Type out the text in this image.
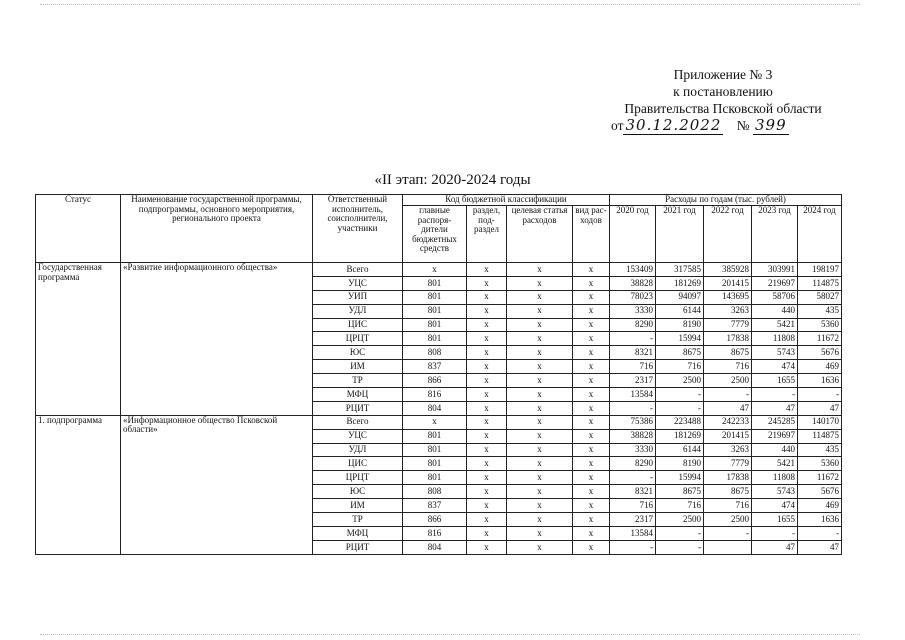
Приложение № 3
к постановлению
Правительства Псковской области
от 30.12.2022 № 399
«II этап: 2020-2024 годы
Статус	Наименование государственной программы, подпрограммы, основного мероприятия, регионального проекта	Ответственный исполнитель, соисполнители, участники	Код бюджетной классификации				Расходы по годам (тыс. рублей)				
			главные распоря-дители бюджетных средств	раздел, под-раздел	целевая статья расходов	вид рас-ходов	2020 год	2021 год	2022 год	2023 год	2024 год
Государственная программа	«Развитие информационного общества»	Всего	х	х	х	х	153409	317585	385928	303991	198197
		УЦС	801	х	х	х	38828	181269	201415	219697	114875
		УИП	801	х	х	х	78023	94097	143695	58706	58027
		УДЛ	801	х	х	х	3330	6144	3263	440	435
		ЦИС	801	х	х	х	8290	8190	7779	5421	5360
		ЦРЦТ	801	х	х	х	-	15994	17838	11808	11672
		ЮС	808	х	х	х	8321	8675	8675	5743	5676
		ИМ	837	х	х	х	716	716	716	474	469
		ТР	866	х	х	х	2317	2500	2500	1655	1636
		МФЦ	816	х	х	х	13584	-	-	-	-
		РЦИТ	804	х	х	х	-	-	47	47	47
1. подпрограмма	«Информационное общество Псковской области»	Всего	х	х	х	х	75386	223488	242233	245285	140170
		УЦС	801	х	х	х	38828	181269	201415	219697	114875
		УДЛ	801	х	х	х	3330	6144	3263	440	435
		ЦИС	801	х	х	х	8290	8190	7779	5421	5360
		ЦРЦТ	801	х	х	х	-	15994	17838	11808	11672
		ЮС	808	х	х	х	8321	8675	8675	5743	5676
		ИМ	837	х	х	х	716	716	716	474	469
		ТР	866	х	х	х	2317	2500	2500	1655	1636
		МФЦ	816	х	х	х	13584	-	-	-	-
		РЦИТ	804	х	х	х	-	-		47	47
